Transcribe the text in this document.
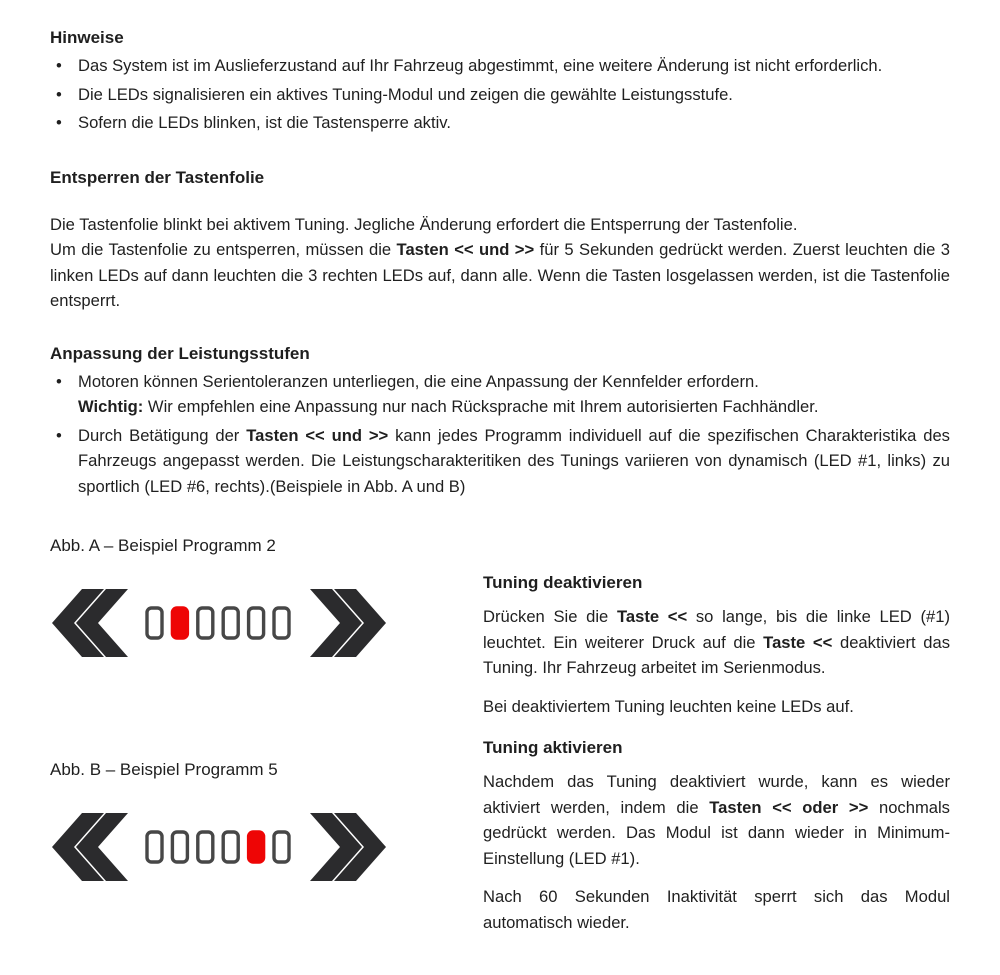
Hinweise
• Das System ist im Auslieferzustand auf Ihr Fahrzeug abgestimmt, eine weitere Änderung ist nicht erforderlich.
• Die LEDs signalisieren ein aktives Tuning-Modul und zeigen die gewählte Leistungsstufe.
• Sofern die LEDs blinken, ist die Tastensperre aktiv.
Entsperren der Tastenfolie
Die Tastenfolie blinkt bei aktivem Tuning. Jegliche Änderung erfordert die Entsperrung der Tastenfolie.
Um die Tastenfolie zu entsperren, müssen die Tasten << und >> für 5 Sekunden gedrückt werden. Zuerst leuchten die 3 linken LEDs auf dann leuchten die 3 rechten LEDs auf, dann alle. Wenn die Tasten losgelassen werden, ist die Tastenfolie entsperrt.
Anpassung der Leistungsstufen
• Motoren können Serientoleranzen unterliegen, die eine Anpassung der Kennfelder erfordern.
Wichtig: Wir empfehlen eine Anpassung nur nach Rücksprache mit Ihrem autorisierten Fachhändler.
• Durch Betätigung der Tasten << und >> kann jedes Programm individuell auf die spezifischen Charakteristika des Fahrzeugs angepasst werden. Die Leistungscharakteritiken des Tunings variieren von dynamisch (LED #1, links) zu sportlich (LED #6, rechts).(Beispiele in Abb. A und B)

Abb. A – Beispiel Programm 2

Abb. B – Beispiel Programm 5

Tuning deaktivieren

Drücken Sie die Taste << so lange, bis die linke LED (#1) leuchtet. Ein weiterer Druck auf die Taste << deaktiviert das Tuning. Ihr Fahrzeug arbeitet im Serienmodus.

Bei deaktiviertem Tuning leuchten keine LEDs auf.

Tuning aktivieren

Nachdem das Tuning deaktiviert wurde, kann es wieder aktiviert werden, indem die Tasten << oder >> nochmals gedrückt werden. Das Modul ist dann wieder in Minimum-Einstellung (LED #1).

Nach 60 Sekunden Inaktivität sperrt sich das Modul automatisch wieder.
